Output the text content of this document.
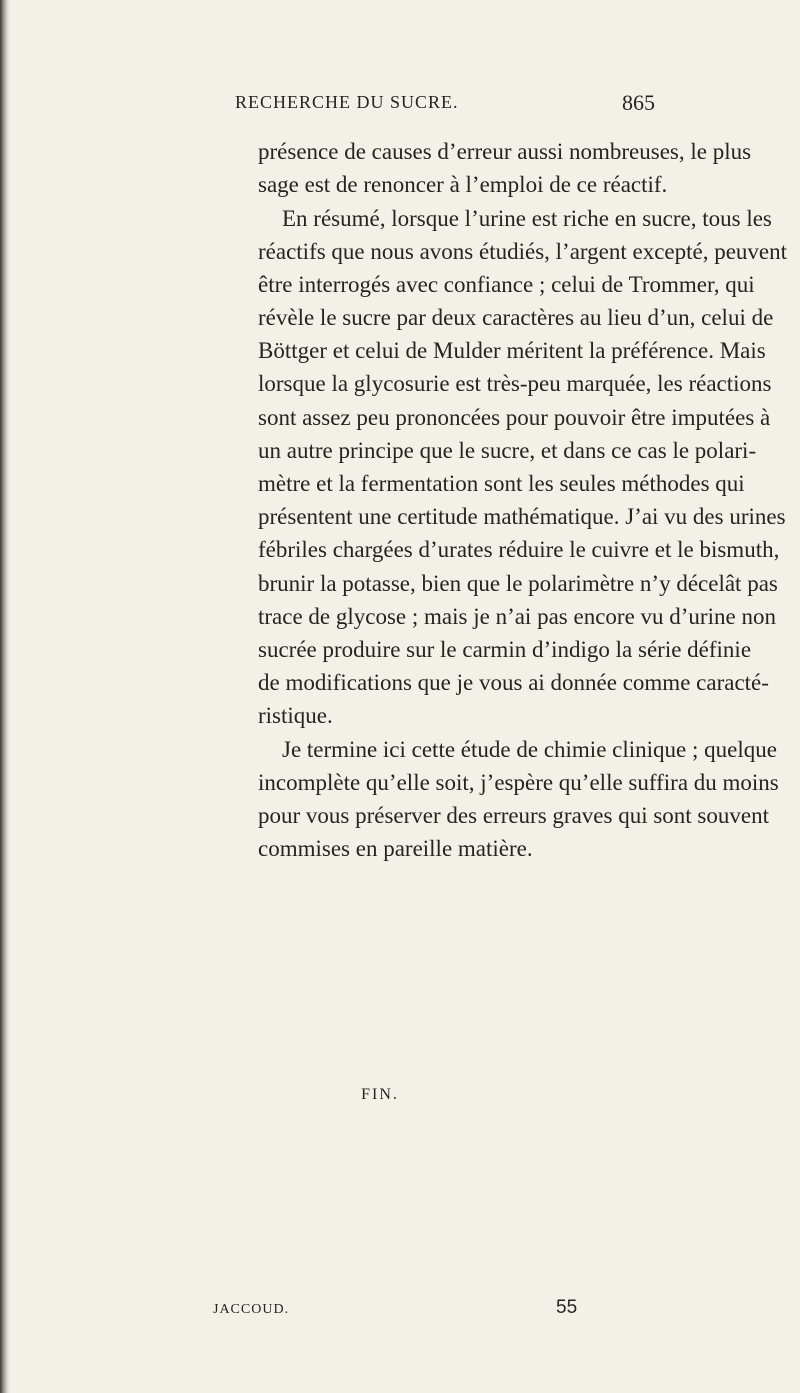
RECHERCHE DU SUCRE.	865
présence de causes d’erreur aussi nombreuses, le plus
sage est de renoncer à l’emploi de ce réactif.
En résumé, lorsque l’urine est riche en sucre, tous les
réactifs que nous avons étudiés, l’argent excepté, peuvent
être interrogés avec confiance ; celui de Trommer, qui
révèle le sucre par deux caractères au lieu d’un, celui de
Böttger et celui de Mulder méritent la préférence. Mais
lorsque la glycosurie est très-peu marquée, les réactions
sont assez peu prononcées pour pouvoir être imputées à
un autre principe que le sucre, et dans ce cas le polari-
mètre et la fermentation sont les seules méthodes qui
présentent une certitude mathématique. J’ai vu des urines
fébriles chargées d’urates réduire le cuivre et le bismuth,
brunir la potasse, bien que le polarimètre n’y décelât pas
trace de glycose ; mais je n’ai pas encore vu d’urine non
sucrée produire sur le carmin d’indigo la série définie
de modifications que je vous ai donnée comme caracté-
ristique.
Je termine ici cette étude de chimie clinique ; quelque
incomplète qu’elle soit, j’espère qu’elle suffira du moins
pour vous préserver des erreurs graves qui sont souvent
commises en pareille matière.
FIN.
JACCOUD.	55
